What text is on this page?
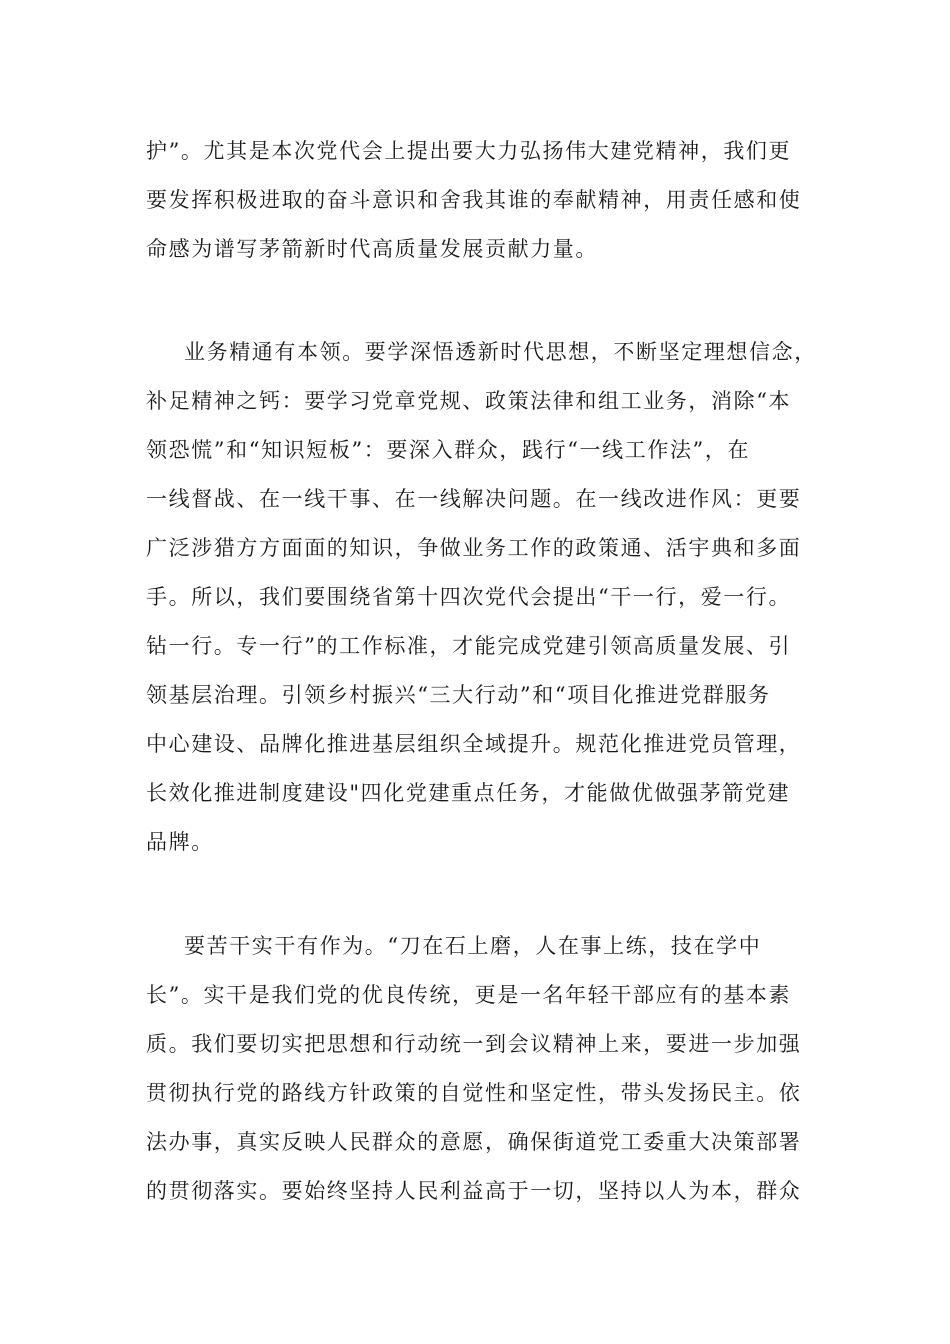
护”。尤其是本次党代会上提出要大力弘扬伟大建党精神，我们更

要发挥积极进取的奋斗意识和舍我其谁的奉献精神，用责任感和使

命感为谱写茅箭新时代高质量发展贡献力量。

业务精通有本领。要学深悟透新时代思想，不断坚定理想信念，

补足精神之钙：要学习党章党规、政策法律和组工业务，消除“本

领恐慌”和“知识短板”：要深入群众，践行“一线工作法”，在

一线督战、在一线干事、在一线解决问题。在一线改进作风：更要

广泛涉猎方方面面的知识，争做业务工作的政策通、活宇典和多面

手。所以，我们要围绕省第十四次党代会提出“干一行，爱一行。

钻一行。专一行”的工作标准，才能完成党建引领高质量发展、引

领基层治理。引领乡村振兴“三大行动”和“项目化推进党群服务

中心建设、品牌化推进基层组织全域提升。规范化推进党员管理，

长效化推进制度建设"四化党建重点任务，才能做优做强茅箭党建

品牌。

要苦干实干有作为。“刀在石上磨，人在事上练，技在学中

长”。实干是我们党的优良传统，更是一名年轻干部应有的基本素

质。我们要切实把思想和行动统一到会议精神上来，要进一步加强

贯彻执行党的路线方针政策的自觉性和坚定性，带头发扬民主。依

法办事，真实反映人民群众的意愿，确保街道党工委重大决策部署

的贯彻落实。要始终坚持人民利益高于一切，坚持以人为本，群众
